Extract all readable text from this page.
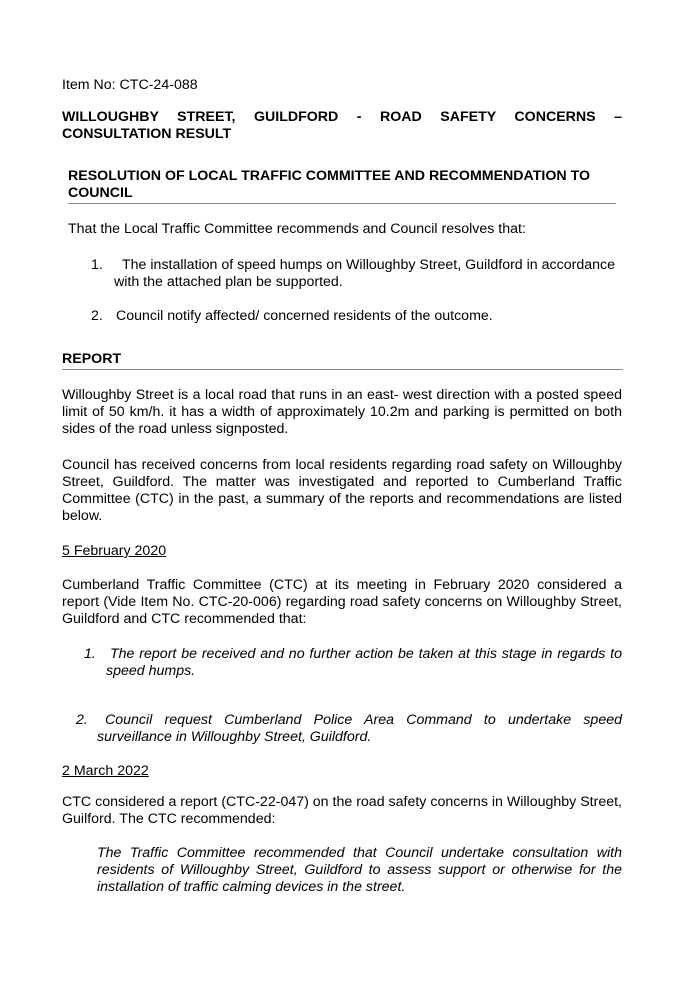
Item No: CTC-24-088
WILLOUGHBY STREET, GUILDFORD - ROAD SAFETY CONCERNS – CONSULTATION RESULT
RESOLUTION OF LOCAL TRAFFIC COMMITTEE AND RECOMMENDATION TO COUNCIL
That the Local Traffic Committee recommends and Council resolves that:
1.	The installation of speed humps on Willoughby Street, Guildford in accordance with the attached plan be supported.
2. Council notify affected/ concerned residents of the outcome.
REPORT
Willoughby Street is a local road that runs in an east- west direction with a posted speed limit of 50 km/h. it has a width of approximately 10.2m and parking is permitted on both sides of the road unless signposted.
Council has received concerns from local residents regarding road safety on Willoughby Street, Guildford. The matter was investigated and reported to Cumberland Traffic Committee (CTC) in the past, a summary of the reports and recommendations are listed below.
5 February 2020
Cumberland Traffic Committee (CTC) at its meeting in February 2020 considered a report (Vide Item No. CTC-20-006) regarding road safety concerns on Willoughby Street, Guildford and CTC recommended that:
1. The report be received and no further action be taken at this stage in regards to speed humps.
2.	Council request Cumberland Police Area Command to undertake speed surveillance in Willoughby Street, Guildford.
2 March 2022
CTC considered a report (CTC-22-047) on the road safety concerns in Willoughby Street, Guilford. The CTC recommended:
The Traffic Committee recommended that Council undertake consultation with residents of Willoughby Street, Guildford to assess support or otherwise for the installation of traffic calming devices in the street.
